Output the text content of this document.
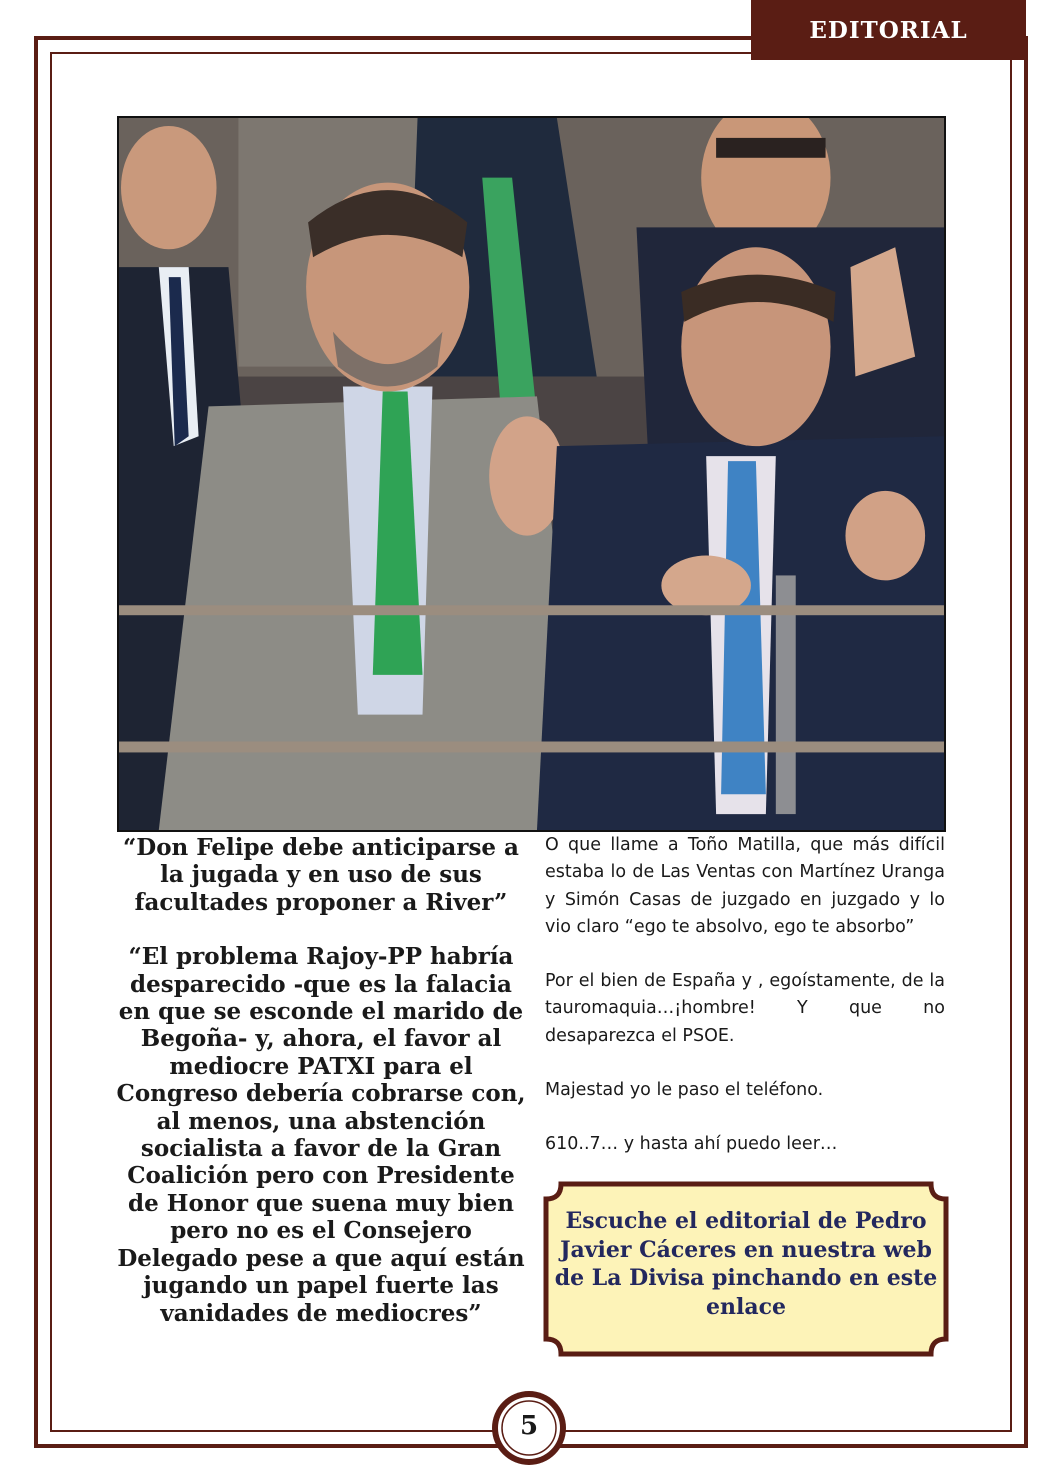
EDITORIAL

“Don Felipe debe anticiparse a la jugada y en uso de sus facultades proponer a River”

“El problema Rajoy-PP habría desparecido -que es la falacia en que se esconde el marido de Begoña- y, ahora, el favor al mediocre PATXI para el Congreso debería cobrarse con, al menos, una abstención socialista a favor de la Gran Coalición pero con Presidente de Honor que suena muy bien pero no es el Consejero Delegado pese a que aquí están jugando un papel fuerte las vanidades de mediocres”

O que llame a Toño Matilla, que más difícil estaba lo de Las Ventas con Martínez Uranga y Simón Casas de juzgado en juzgado y lo vio claro “ego te absolvo, ego te absorbo”

Por el bien de España y , egoístamente, de la tauromaquia…¡hombre! Y que no desaparezca el PSOE.

Majestad yo le paso el teléfono.

610..7… y hasta ahí puedo leer…

Escuche el editorial de Pedro Javier Cáceres en nuestra web de La Divisa pinchando en este enlace
5
